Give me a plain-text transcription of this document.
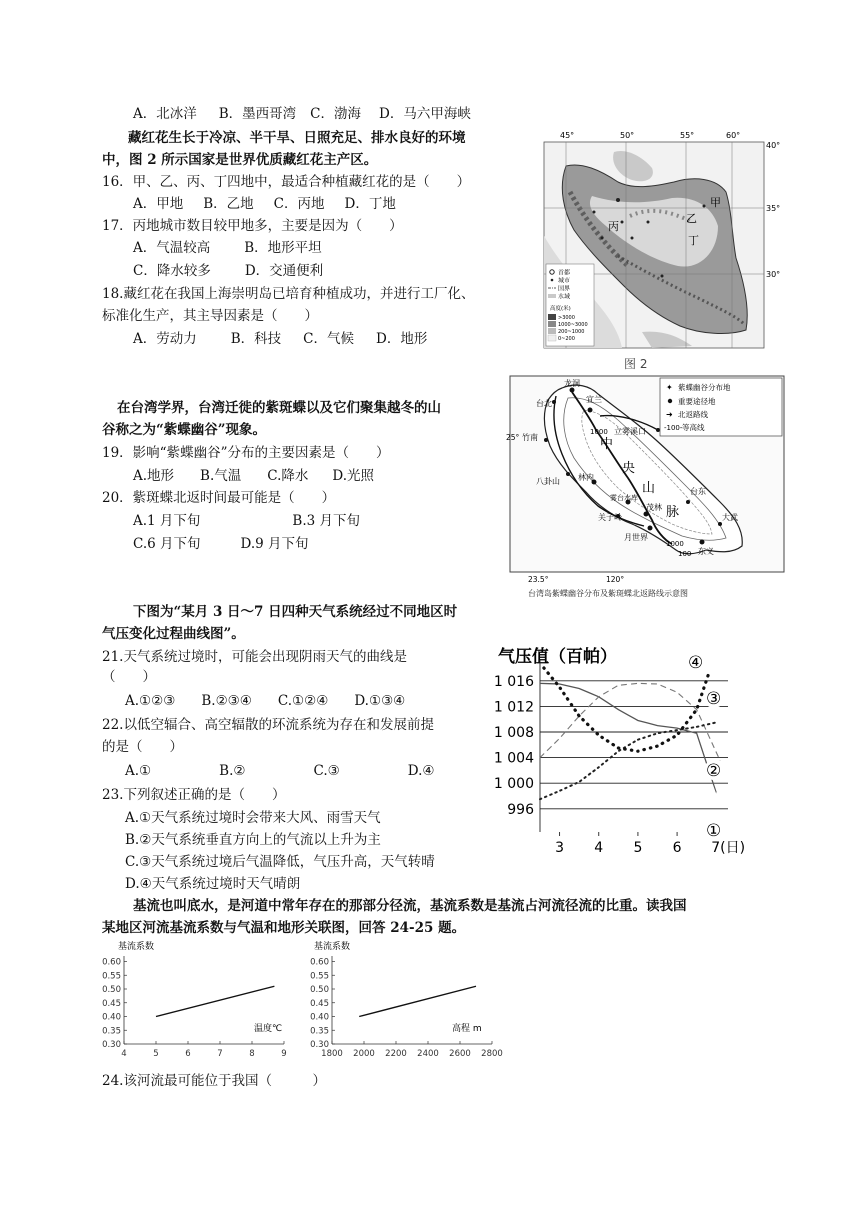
A．北冰洋 B．墨西哥湾 C．渤海 D．马六甲海峡
藏红花生长于冷凉、半干旱、日照充足、排水良好的环境
中，图 2 所示国家是世界优质藏红花主产区。
16．甲、乙、丙、丁四地中，最适合种植藏红花的是（　　）
A．甲地 B．乙地 C．丙地 D．丁地
17．丙地城市数目较甲地多，主要是因为（　　）
A．气温较高	B．地形平坦
C．降水较多	D．交通便利
18.藏红花在我国上海崇明岛已培育种植成功，并进行工厂化、
标准化生产，其主导因素是（　　）
A．劳动力	B．科技 C．气候 D．地形
45°	50°	55°	60°
40°
35°
30°
甲
乙
丙
丁
首都
城市
国界
水域
高度(米)
>3000
1000~3000
200~1000
0~200
图 2
在台湾学界，台湾迁徙的紫斑蝶以及它们聚集越冬的山
谷称之为“紫蝶幽谷”现象。
19．影响“紫蝶幽谷”分布的主要因素是（　　）
A.地形 B.气温 C.降水 D.光照
20．紫斑蝶北返时间最可能是（　　）
A.1 月下旬	B.3 月下旬
C.6 月下旬	D.9 月下旬
龙洞
台北	宜兰
立雾溪口
竹南
八卦山 林内
雾台水库
关子岭
茂林
月世界
台东
大武
东义
中
央
山
脉
1000
1000
100
25°
23.5°	120°
✦ 紫蝶幽谷分布地
重要途径地
➜ 北返路线
-100- 等高线
台湾岛紫蝶幽谷分布及紫斑蝶北返路线示意图
下图为“某月 3 日～7 日四种天气系统经过不同地区时
气压变化过程曲线图”。
21.天气系统过境时，可能会出现阴雨天气的曲线是
（　　）
A.①②③ B.②③④ C.①②④ D.①③④
22.以低空辐合、高空辐散的环流系统为存在和发展前提
的是（　　）
A.①	B.②	C.③	D.④
23.下列叙述正确的是（　　）
A.①天气系统过境时会带来大风、雨雪天气
B.②天气系统垂直方向上的气流以上升为主
C.③天气系统过境后气温降低，气压升高，天气转晴
D.④天气系统过境时天气晴朗
气压值（百帕）
1 016
1 012
1 008
1 004
1 000
996
3 4 5 6 7(日)
①
②
③
④
基流也叫底水，是河道中常年存在的那部分径流，基流系数是基流占河流径流的比重。读我国
某地区河流基流系数与气温和地形关联图，回答 24-25 题。
基流系数
0.60
0.55
0.50
0.45
0.40
0.35
0.30
4	5	6	7	8	9
温度℃
基流系数
0.60
0.55
0.50
0.45
0.40
0.35
0.30
1800 2000 2200 2400 2600 2800
高程 m
24.该河流最可能位于我国（　　　）
